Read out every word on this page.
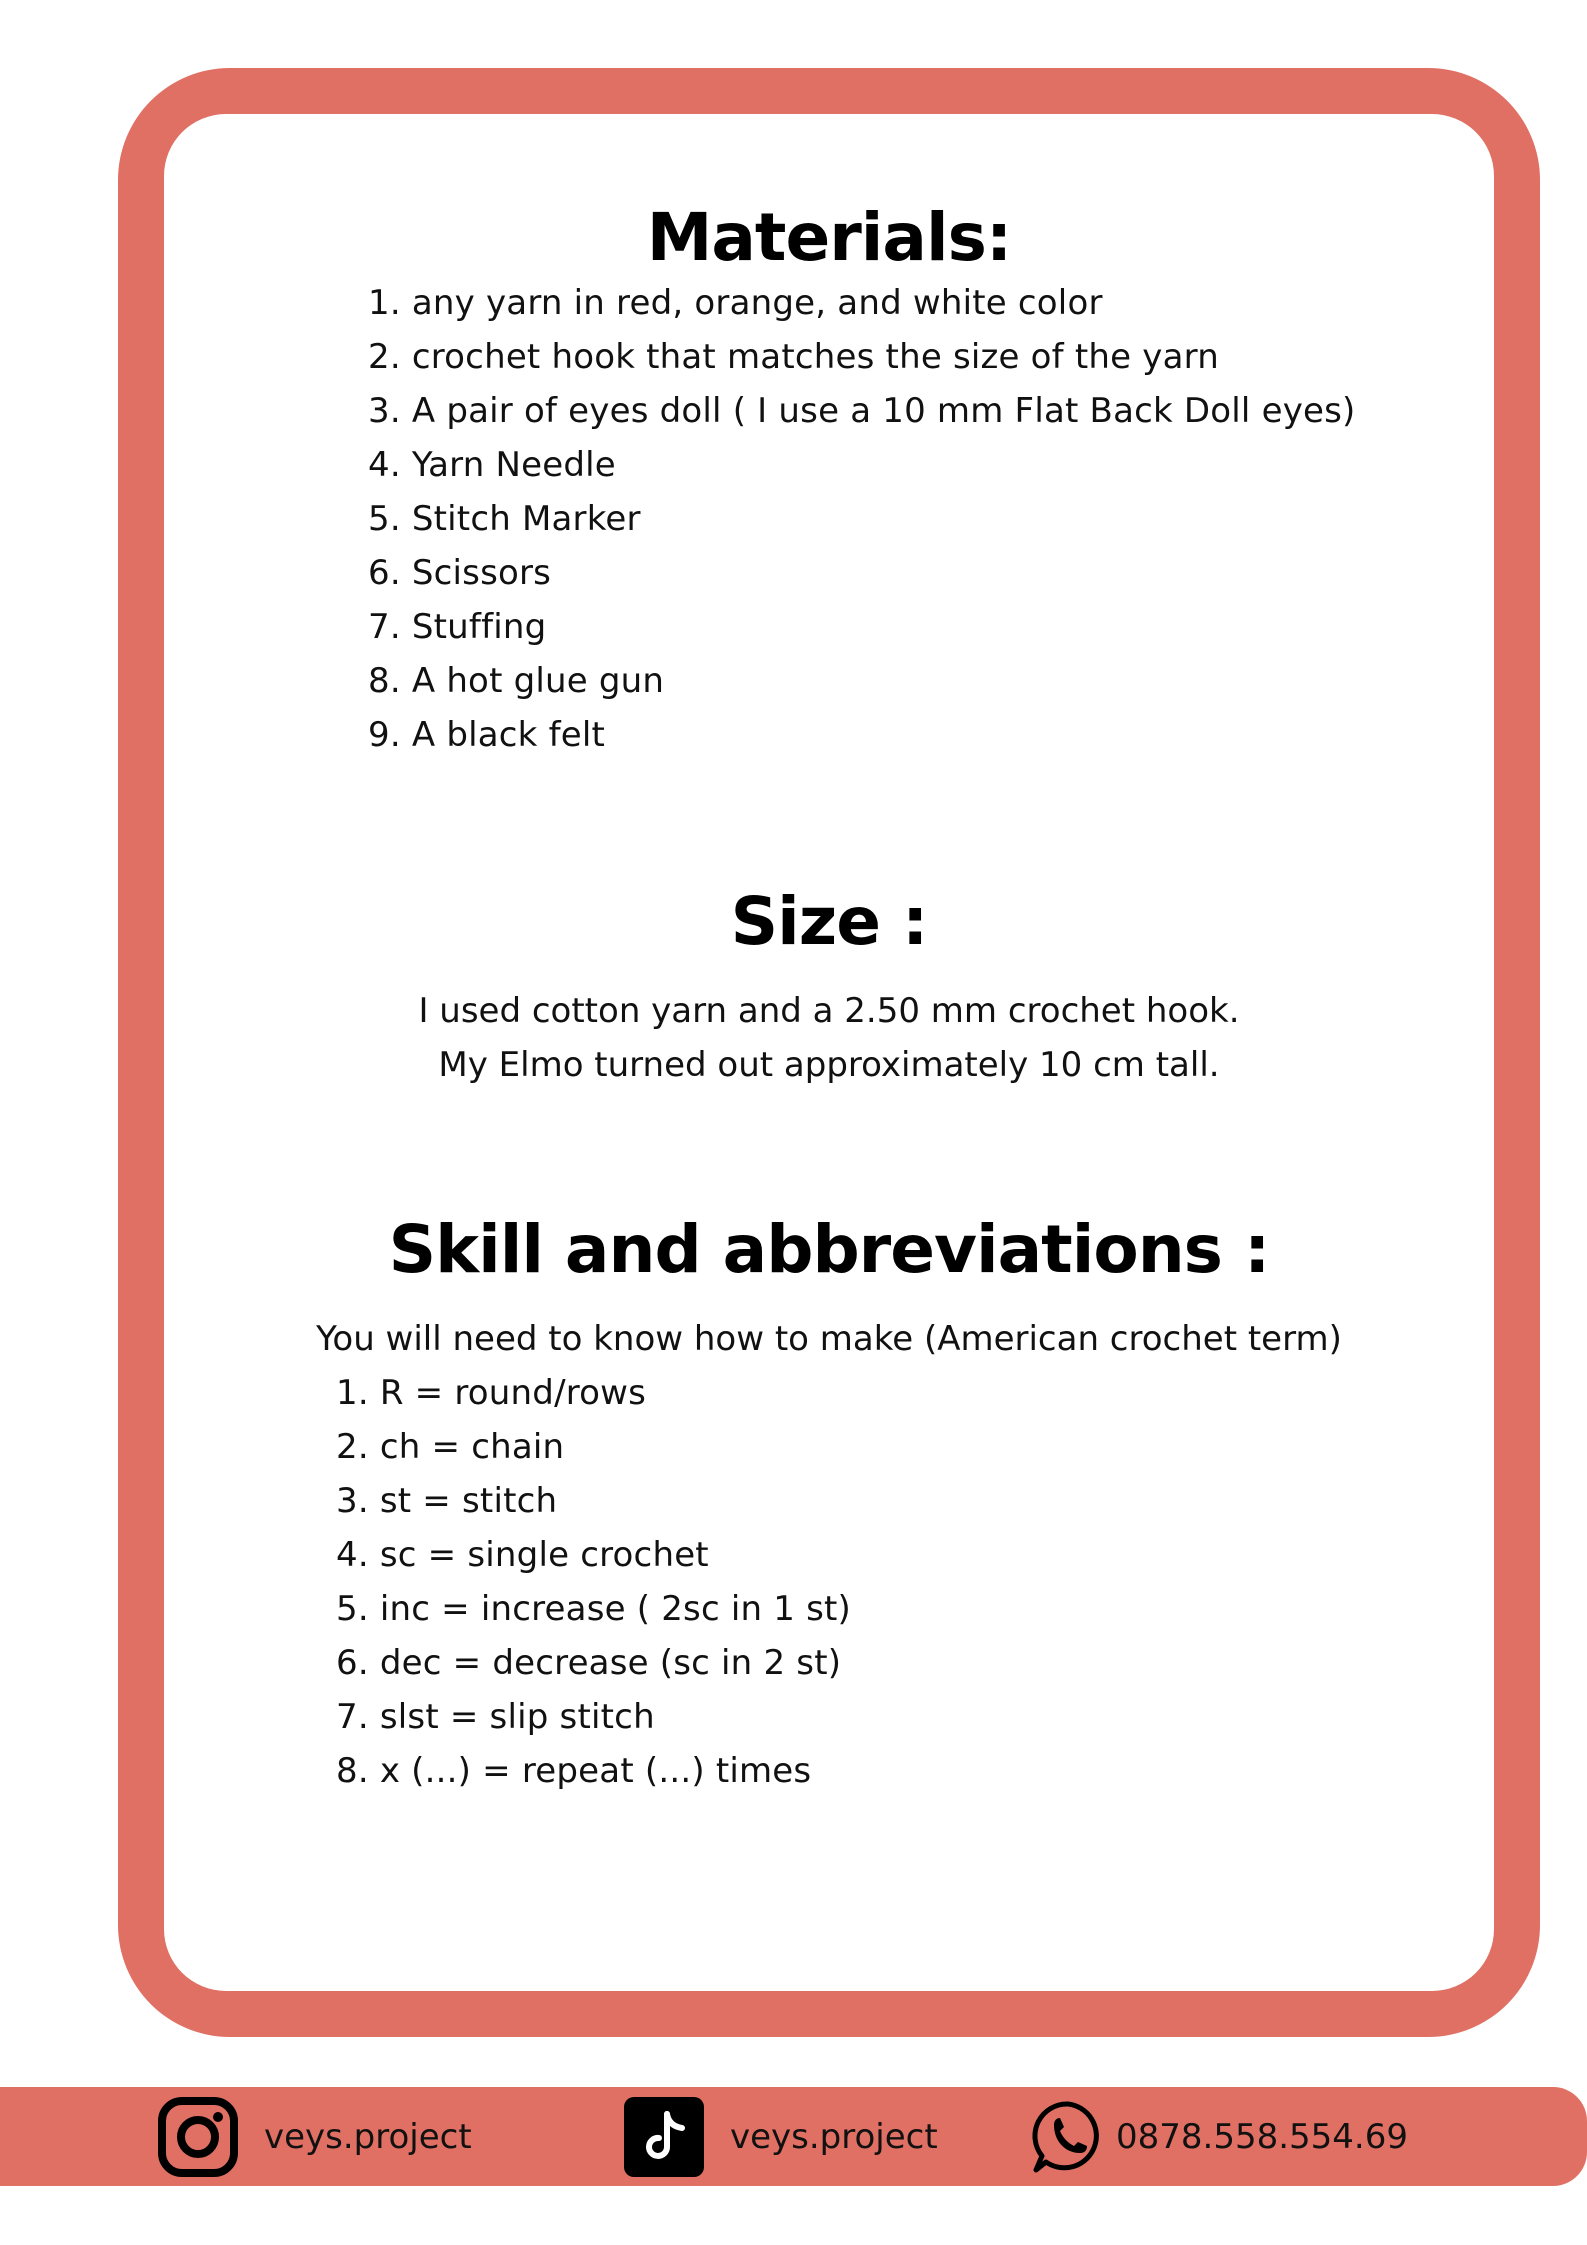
Materials:
1. any yarn in red, orange, and white color
2. crochet hook that matches the size of the yarn
3. A pair of eyes doll ( I use a 10 mm Flat Back Doll eyes)
4. Yarn Needle
5. Stitch Marker
6. Scissors
7. Stuffing
8. A hot glue gun
9. A black felt
Size :
I used cotton yarn and a 2.50 mm crochet hook.
My Elmo turned out approximately 10 cm tall.
Skill and abbreviations :
You will need to know how to make (American crochet term)
1. R = round/rows
2. ch = chain
3. st = stitch
4. sc = single crochet
5. inc = increase ( 2sc in 1 st)
6. dec = decrease (sc in 2 st)
7. slst = slip stitch
8. x (...) = repeat (...) times
veys.project	veys.project	0878.558.554.69
